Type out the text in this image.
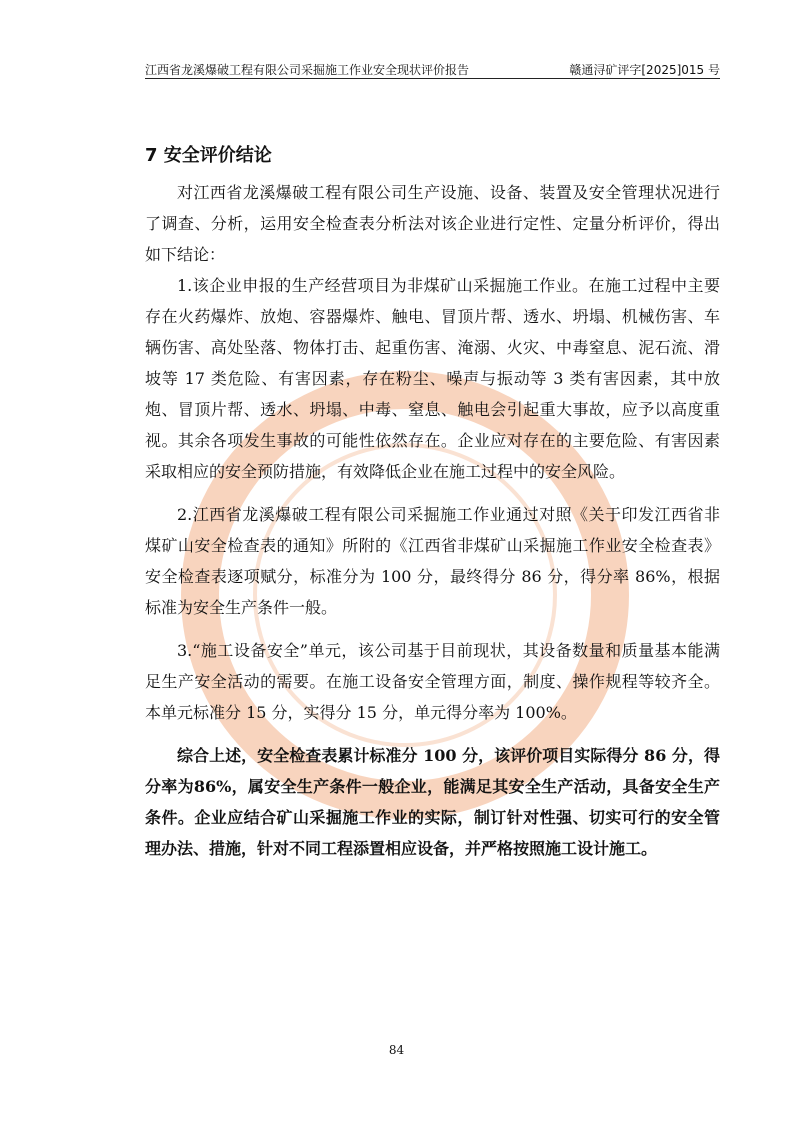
江西省龙溪爆破工程有限公司采掘施工作业安全现状评价报告	赣通浔矿评字[2025]015 号
7 安全评价结论

对江西省龙溪爆破工程有限公司生产设施、设备、装置及安全管理状况进行了调查、分析，运用安全检查表分析法对该企业进行定性、定量分析评价，得出如下结论：

1.该企业申报的生产经营项目为非煤矿山采掘施工作业。在施工过程中主要存在火药爆炸、放炮、容器爆炸、触电、冒顶片帮、透水、坍塌、机械伤害、车辆伤害、高处坠落、物体打击、起重伤害、淹溺、火灾、中毒窒息、泥石流、滑坡等 17 类危险、有害因素，存在粉尘、噪声与振动等 3 类有害因素，其中放炮、冒顶片帮、透水、坍塌、中毒、窒息、触电会引起重大事故，应予以高度重视。其余各项发生事故的可能性依然存在。企业应对存在的主要危险、有害因素采取相应的安全预防措施，有效降低企业在施工过程中的安全风险。

2.江西省龙溪爆破工程有限公司采掘施工作业通过对照《关于印发江西省非煤矿山安全检查表的通知》所附的《江西省非煤矿山采掘施工作业安全检查表》安全检查表逐项赋分，标准分为 100 分，最终得分 86 分，得分率 86%，根据标准为安全生产条件一般。

3.“施工设备安全”单元，该公司基于目前现状，其设备数量和质量基本能满足生产安全活动的需要。在施工设备安全管理方面，制度、操作规程等较齐全。本单元标准分 15 分，实得分 15 分，单元得分率为 100%。

综合上述，安全检查表累计标准分 100 分，该评价项目实际得分 86 分，得分率为86%，属安全生产条件一般企业，能满足其安全生产活动，具备安全生产条件。企业应结合矿山采掘施工作业的实际，制订针对性强、切实可行的安全管理办法、措施，针对不同工程添置相应设备，并严格按照施工设计施工。

84
